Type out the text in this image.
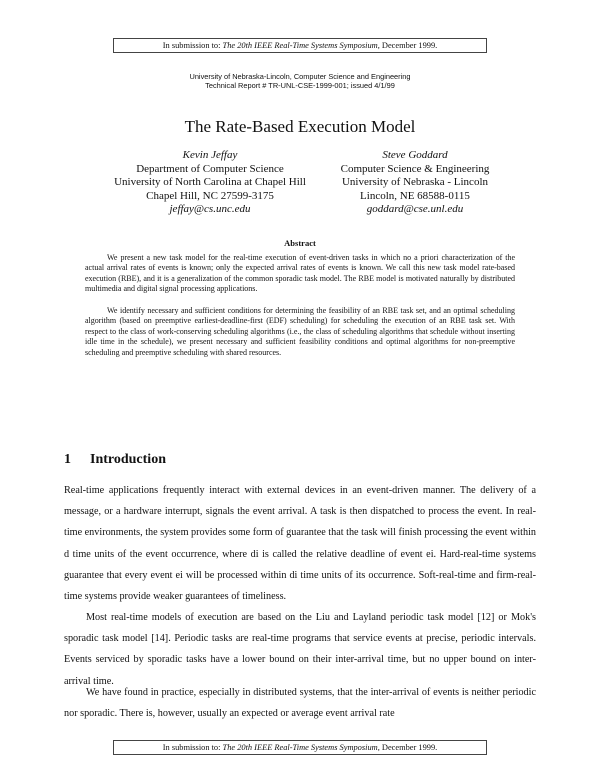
In submission to: The 20th IEEE Real-Time Systems Symposium, December 1999.
University of Nebraska-Lincoln, Computer Science and Engineering
Technical Report # TR-UNL-CSE-1999-001; issued 4/1/99
The Rate-Based Execution Model
Kevin Jeffay
Department of Computer Science
University of North Carolina at Chapel Hill
Chapel Hill, NC 27599-3175
jeffay@cs.unc.edu
Steve Goddard
Computer Science & Engineering
University of Nebraska - Lincoln
Lincoln, NE 68588-0115
goddard@cse.unl.edu
Abstract
We present a new task model for the real-time execution of event-driven tasks in which no a priori characterization of the actual arrival rates of events is known; only the expected arrival rates of events is known. We call this new task model rate-based execution (RBE), and it is a generalization of the common sporadic task model. The RBE model is motivated naturally by distributed multimedia and digital signal processing applications.
We identify necessary and sufficient conditions for determining the feasibility of an RBE task set, and an optimal scheduling algorithm (based on preemptive earliest-deadline-first (EDF) scheduling) for scheduling the execution of an RBE task set. With respect to the class of work-conserving scheduling algorithms (i.e., the class of scheduling algorithms that schedule without inserting idle time in the schedule), we present necessary and sufficient feasibility conditions and optimal algorithms for non-preemptive scheduling and preemptive scheduling with shared resources.
1 Introduction
Real-time applications frequently interact with external devices in an event-driven manner. The delivery of a message, or a hardware interrupt, signals the event arrival. A task is then dispatched to process the event. In real-time environments, the system provides some form of guarantee that the task will finish processing the event within d time units of the event occurrence, where di is called the relative deadline of event ei. Hard-real-time systems guarantee that every event ei will be processed within di time units of its occurrence. Soft-real-time and firm-real-time systems provide weaker guarantees of timeliness.
Most real-time models of execution are based on the Liu and Layland periodic task model [12] or Mok's sporadic task model [14]. Periodic tasks are real-time programs that service events at precise, periodic intervals. Events serviced by sporadic tasks have a lower bound on their inter-arrival time, but no upper bound on inter-arrival time.
We have found in practice, especially in distributed systems, that the inter-arrival of events is neither periodic nor sporadic. There is, however, usually an expected or average event arrival rate
In submission to: The 20th IEEE Real-Time Systems Symposium, December 1999.
